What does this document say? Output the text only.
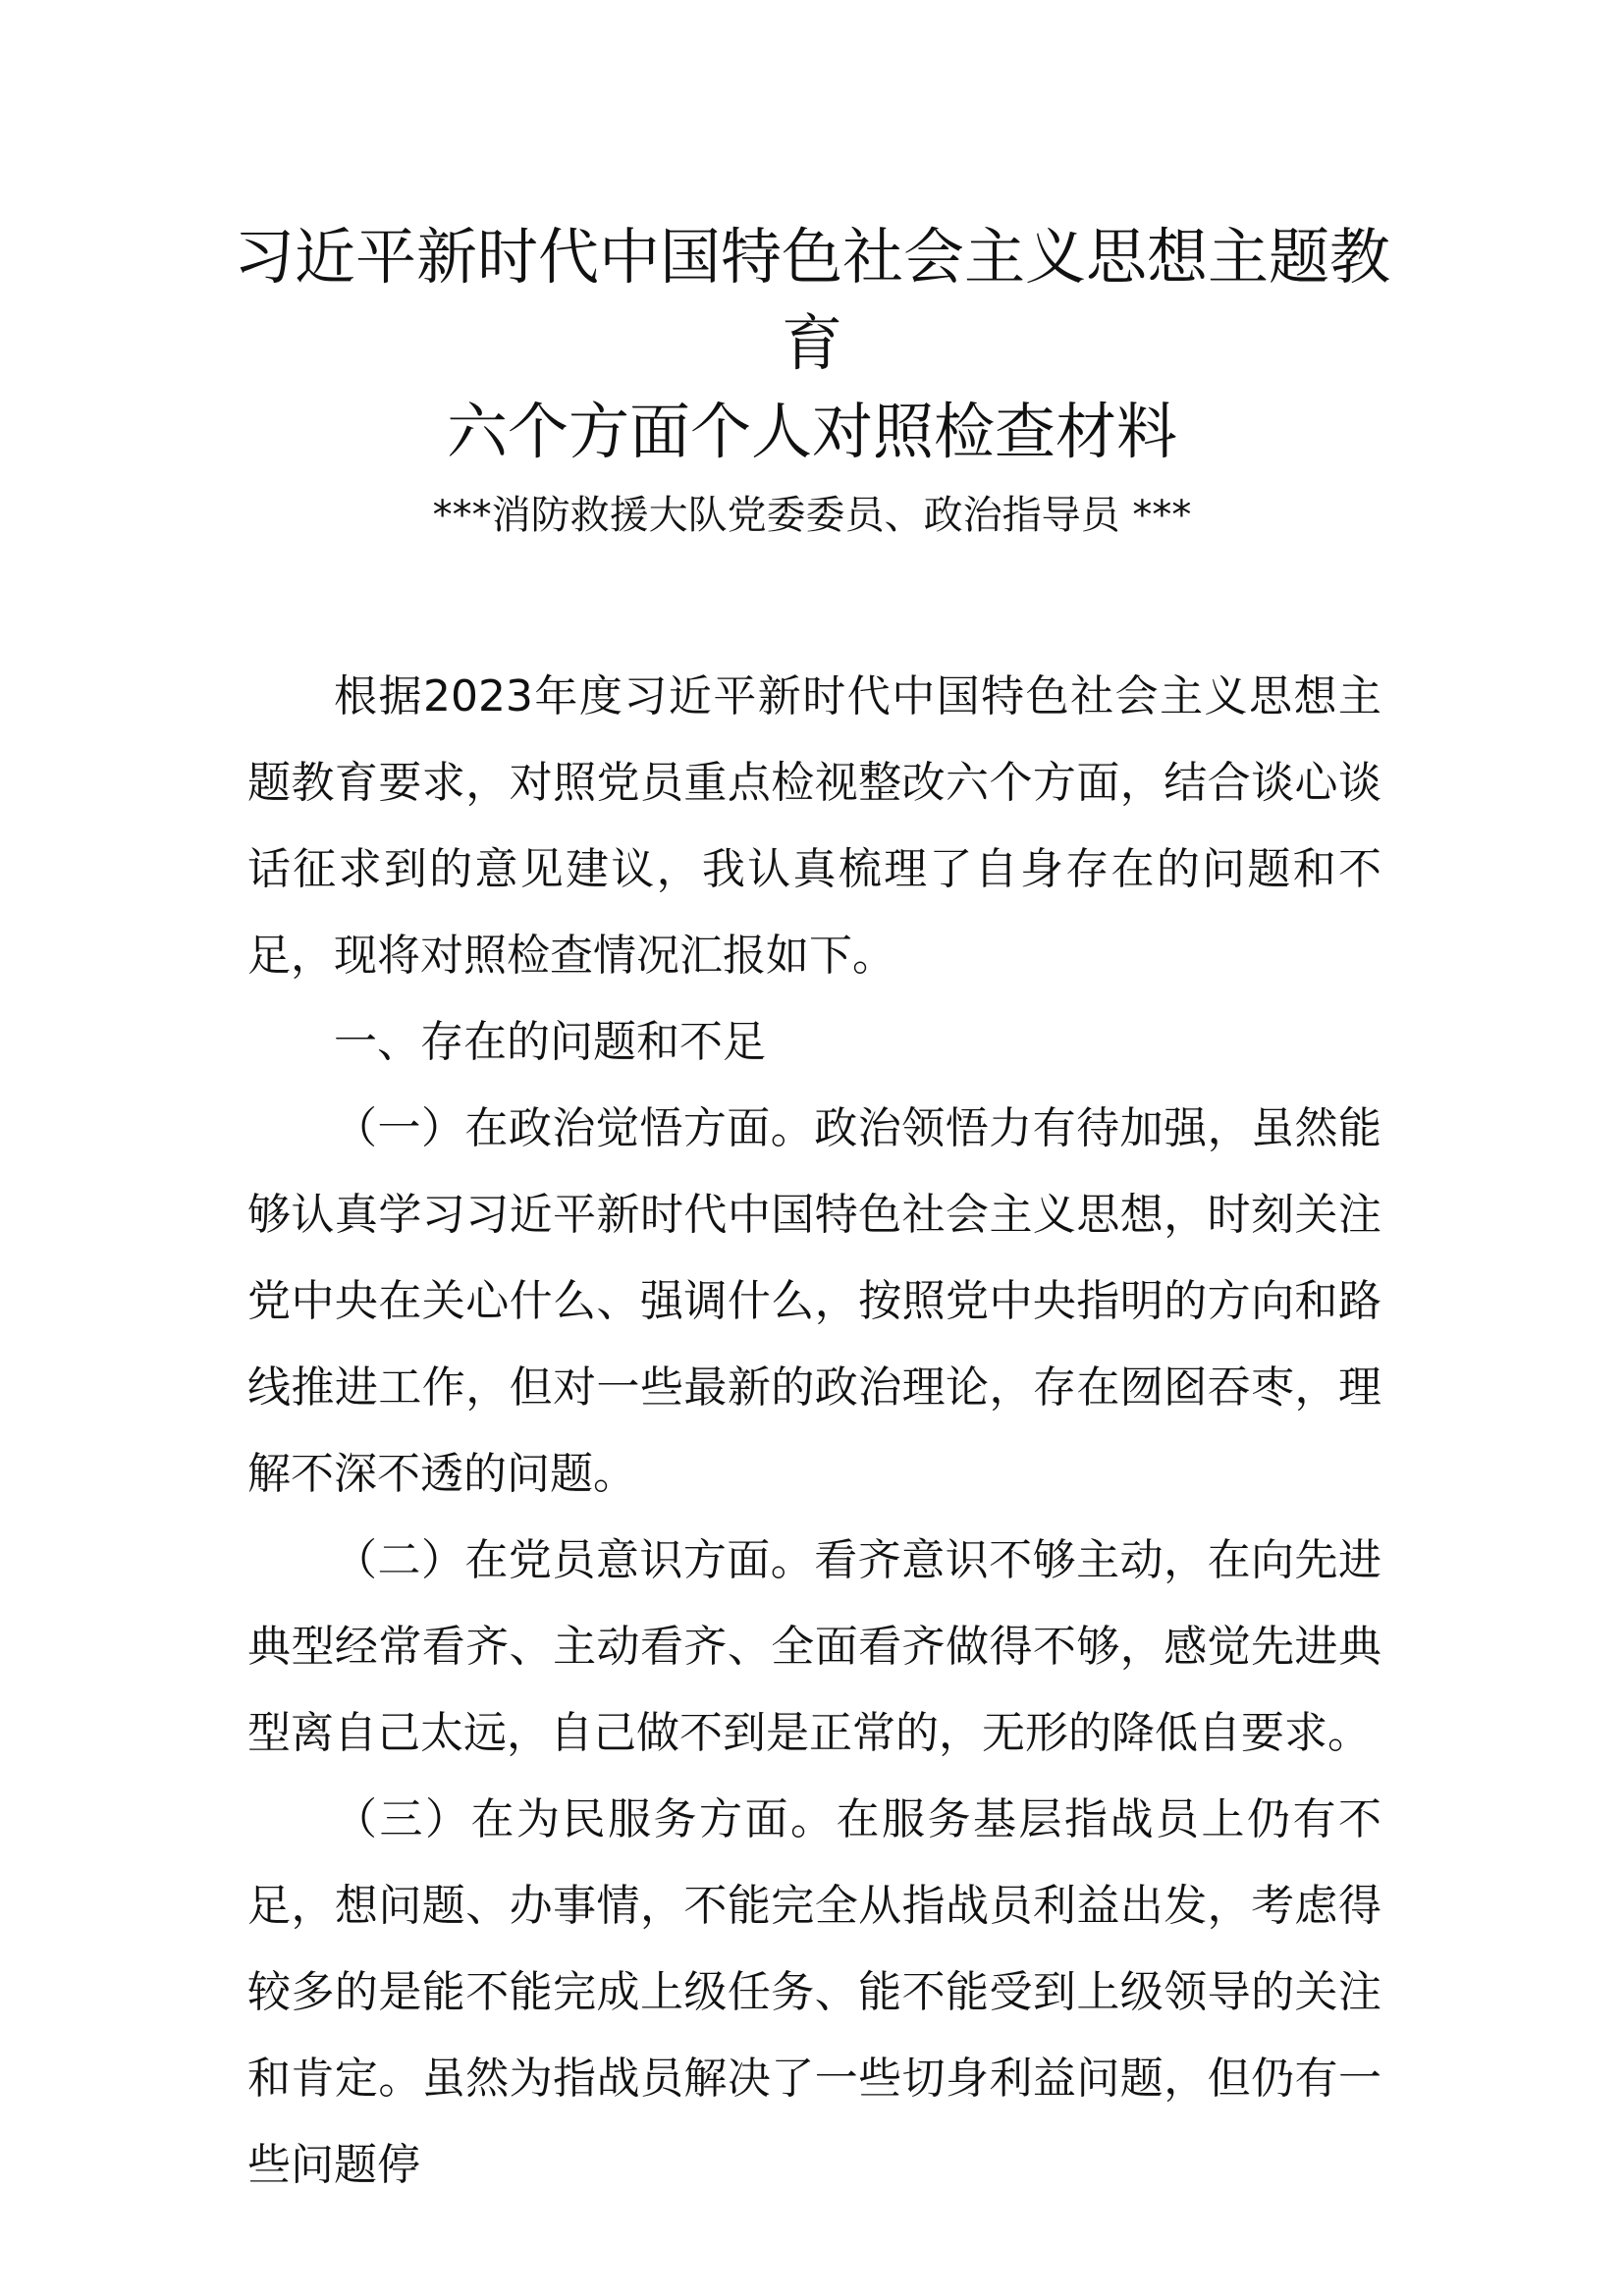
习近平新时代中国特色社会主义思想主题教
育
六个方面个人对照检查材料
***消防救援大队党委委员、政治指导员 ***

根据2023年度习近平新时代中国特色社会主义思想主题教育要求，对照党员重点检视整改六个方面，结合谈心谈话征求到的意见建议，我认真梳理了自身存在的问题和不足，现将对照检查情况汇报如下。

一、存在的问题和不足

（一）在政治觉悟方面。政治领悟力有待加强，虽然能够认真学习习近平新时代中国特色社会主义思想，时刻关注党中央在关心什么、强调什么，按照党中央指明的方向和路线推进工作，但对一些最新的政治理论，存在囫囵吞枣，理解不深不透的问题。

（二）在党员意识方面。看齐意识不够主动，在向先进典型经常看齐、主动看齐、全面看齐做得不够，感觉先进典型离自己太远，自己做不到是正常的，无形的降低自要求。

（三）在为民服务方面。在服务基层指战员上仍有不足，想问题、办事情，不能完全从指战员利益出发，考虑得较多的是能不能完成上级任务、能不能受到上级领导的关注和肯定。虽然为指战员解决了一些切身利益问题，但仍有一些问题停
